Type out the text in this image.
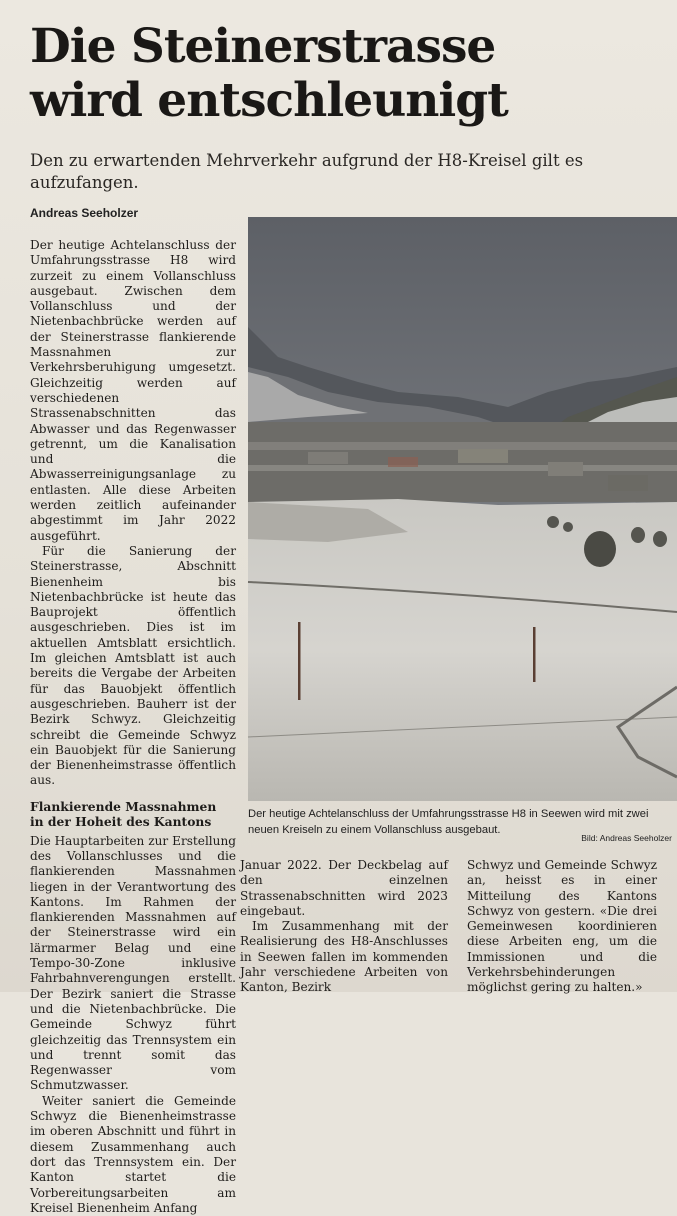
Die Steinerstrasse
wird entschleunigt

Den zu erwartenden Mehrverkehr aufgrund der H8-Kreisel gilt es aufzufangen.

Andreas Seeholzer

Der heutige Achtelanschluss der Umfahrungsstrasse H8 wird zurzeit zu einem Vollanschluss ausgebaut. Zwischen dem Vollanschluss und der Nietenbachbrücke werden auf der Steinerstrasse flankierende Massnahmen zur Verkehrsberuhigung umgesetzt. Gleichzeitig werden auf verschiedenen Strassenabschnitten das Abwasser und das Regenwasser getrennt, um die Kanalisation und die Abwasserreinigungsanlage zu entlasten. Alle diese Arbeiten werden zeitlich aufeinander abgestimmt im Jahr 2022 ausgeführt.

Für die Sanierung der Steinerstrasse, Abschnitt Bienenheim bis Nietenbachbrücke ist heute das Bauprojekt öffentlich ausgeschrieben. Dies ist im aktuellen Amtsblatt ersichtlich. Im gleichen Amtsblatt ist auch bereits die Vergabe der Arbeiten für das Bauobjekt öffentlich ausgeschrieben. Bauherr ist der Bezirk Schwyz. Gleichzeitig schreibt die Gemeinde Schwyz ein Bauobjekt für die Sanierung der Bienenheimstrasse öffentlich aus.

Flankierende Massnahmen
in der Hoheit des Kantons

Die Hauptarbeiten zur Erstellung des Vollanschlusses und die flankierenden Massnahmen liegen in der Verantwortung des Kantons. Im Rahmen der flankierenden Massnahmen auf der Steinerstrasse wird ein lärmarmer Belag und eine Tempo-30-Zone inklusive Fahrbahnverengungen erstellt. Der Bezirk saniert die Strasse und die Nietenbachbrücke. Die Gemeinde Schwyz führt gleichzeitig das Trennsystem ein und trennt somit das Regenwasser vom Schmutzwasser.

Weiter saniert die Gemeinde Schwyz die Bienenheimstrasse im oberen Abschnitt und führt in diesem Zusammenhang auch dort das Trennsystem ein. Der Kanton startet die Vorbereitungsarbeiten am Kreisel Bienenheim Anfang

Der heutige Achtelanschluss der Umfahrungsstrasse H8 in Seewen wird mit zwei neuen Kreiseln zu einem Vollanschluss ausgebaut.
Bild: Andreas Seeholzer

Januar 2022. Der Deckbelag auf den einzelnen Strassenabschnitten wird 2023 eingebaut.

Im Zusammenhang mit der Realisierung des H8-Anschlusses in Seewen fallen im kommenden Jahr verschiedene Arbeiten von Kanton, Bezirk

Schwyz und Gemeinde Schwyz an, heisst es in einer Mitteilung des Kantons Schwyz von gestern. «Die drei Gemeinwesen koordinieren diese Arbeiten eng, um die Immissionen und die Verkehrsbehinderungen möglichst gering zu halten.»
